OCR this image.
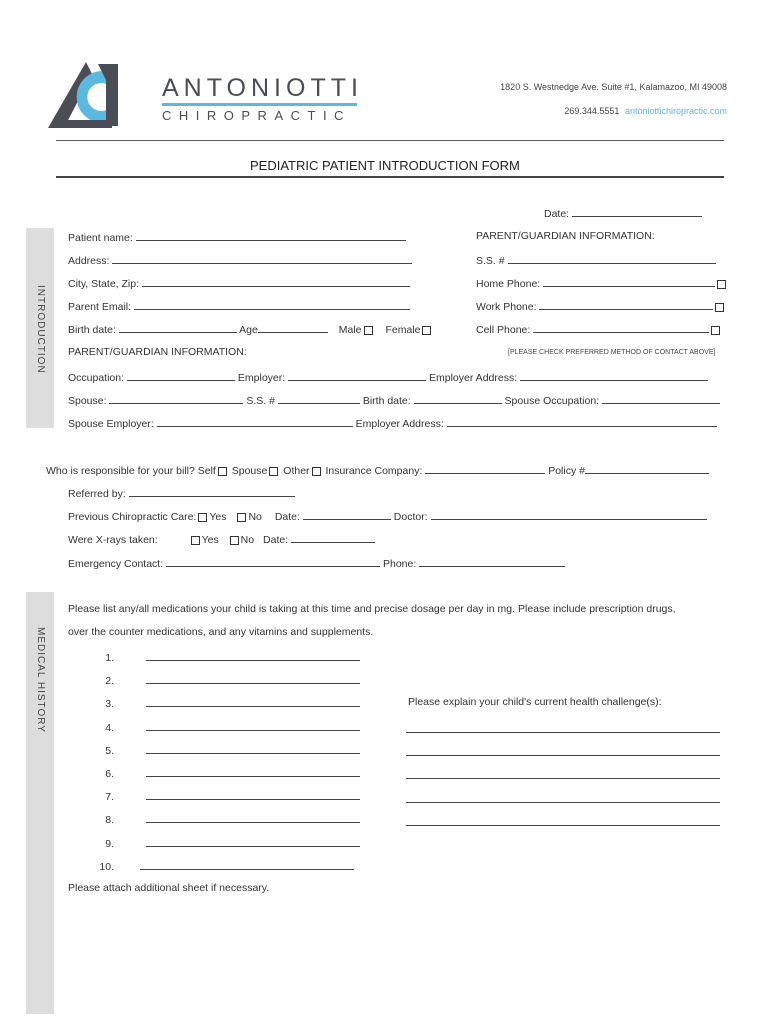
ANTONIOTTI
CHIROPRACTIC
1820 S. Westnedge Ave. Suite #1, Kalamazoo, MI 49008
269.344.5551 antoniottichiropractic.com
PEDIATRIC PATIENT INTRODUCTION FORM
INTRODUCTION
MEDICAL HISTORY
Date:
Patient name:	PARENT/GUARDIAN INFORMATION:
Address:	S.S. #
City, State, Zip:	Home Phone:
Parent Email:	Work Phone:
Birth date:	Age	Male Female	Cell Phone:
PARENT/GUARDIAN INFORMATION:	[PLEASE CHECK PREFERRED METHOD OF CONTACT ABOVE]
Occupation:	Employer:	Employer Address:
Spouse:	S.S. #	Birth date:	Spouse Occupation:
Spouse Employer:	Employer Address:
Who is responsible for your bill? Self Spouse Other Insurance Company:	Policy #
Referred by:
Previous Chiropractic Care: Yes No Date:	Doctor:
Were X-rays taken:	Yes No Date:
Emergency Contact:	Phone:
Please list any/all medications your child is taking at this time and precise dosage per day in mg. Please include prescription drugs,
over the counter medications, and any vitamins and supplements.
1.
2.
3.
4.
5.
6.
7.
8.
9.
10.
Please explain your child's current health challenge(s):
Please attach additional sheet if necessary.
